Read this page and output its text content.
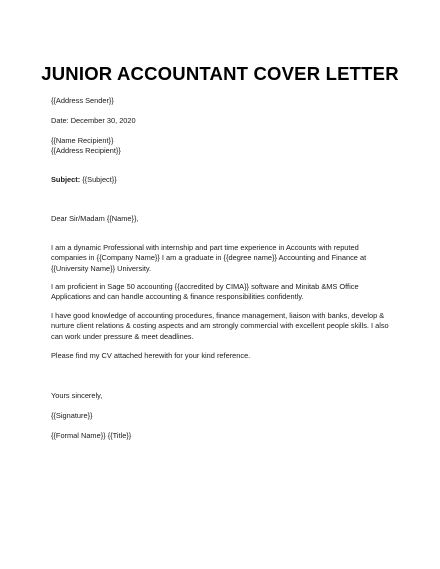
JUNIOR ACCOUNTANT COVER LETTER
{{Address Sender}}
Date: December 30, 2020
{{Name Recipient}}
{{Address Recipient}}
Subject: {{Subject}}
Dear Sir/Madam {{Name}},
I am a dynamic Professional with internship and part time experience in Accounts with reputed
companies in {{Company Name}} I am a graduate in {{degree name}} Accounting and Finance at
{{University Name}} University.
I am proficient in Sage 50 accounting {{accredited by CIMA}} software and Minitab &MS Office
Applications and can handle accounting & finance responsibilities confidently.
I have good knowledge of accounting procedures, finance management, liaison with banks, develop &
nurture client relations & costing aspects and am strongly commercial with excellent people skills. I also
can work under pressure & meet deadlines.
Please find my CV attached herewith for your kind reference.
Yours sincerely,
{{Signature}}
{{Formal Name}} {{Title}}
